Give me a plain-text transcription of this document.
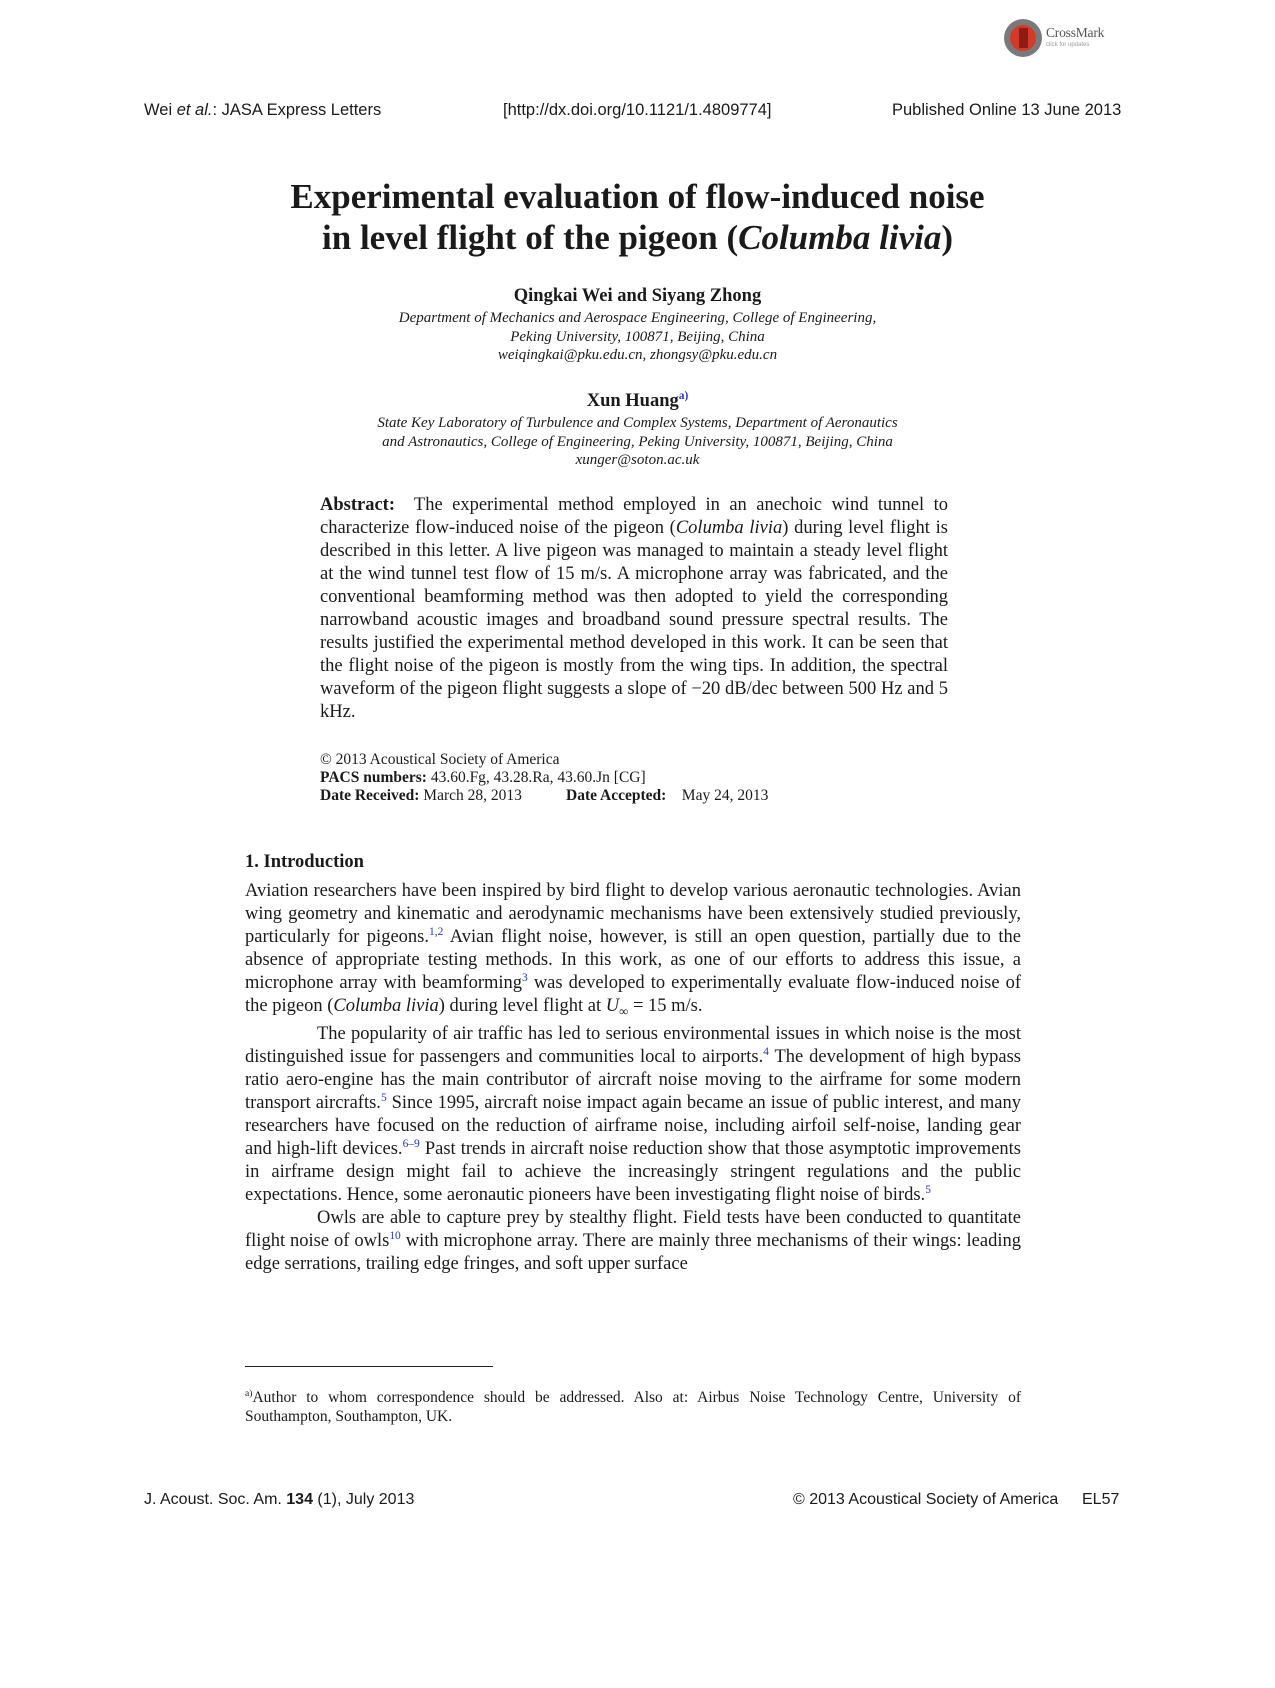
Wei et al.: JASA Express Letters	[http://dx.doi.org/10.1121/1.4809774]	Published Online 13 June 2013
CrossMark
click for updates
Experimental evaluation of flow-induced noise
in level flight of the pigeon (Columba livia)
Qingkai Wei and Siyang Zhong
Department of Mechanics and Aerospace Engineering, College of Engineering,
Peking University, 100871, Beijing, China
weiqingkai@pku.edu.cn, zhongsy@pku.edu.cn
Xun Huang$^{a)}$
State Key Laboratory of Turbulence and Complex Systems, Department of Aeronautics
and Astronautics, College of Engineering, Peking University, 100871, Beijing, China
xunger@soton.ac.uk
Abstract: The experimental method employed in an anechoic wind tunnel to characterize flow-induced noise of the pigeon (Columba livia) during level flight is described in this letter. A live pigeon was managed to maintain a steady level flight at the wind tunnel test flow of 15 m/s. A microphone array was fabricated, and the conventional beamforming method was then adopted to yield the corresponding narrowband acoustic images and broadband sound pressure spectral results. The results justified the experimental method developed in this work. It can be seen that the flight noise of the pigeon is mostly from the wing tips. In addition, the spectral waveform of the pigeon flight suggests a slope of −20 dB/dec between 500 Hz and 5 kHz.
© 2013 Acoustical Society of America
PACS numbers: 43.60.Fg, 43.28.Ra, 43.60.Jn [CG]
Date Received: March 28, 2013	Date Accepted: May 24, 2013
1. Introduction

Aviation researchers have been inspired by bird flight to develop various aeronautic technologies. Avian wing geometry and kinematic and aerodynamic mechanisms have been extensively studied previously, particularly for pigeons.$^{1,2}$ Avian flight noise, however, is still an open question, partially due to the absence of appropriate testing methods. In this work, as one of our efforts to address this issue, a microphone array with beamforming$^3$ was developed to experimentally evaluate flow-induced noise of the pigeon (Columba livia) during level flight at $U_\infty = 15$ m/s.

The popularity of air traffic has led to serious environmental issues in which noise is the most distinguished issue for passengers and communities local to airports.$^4$ The development of high bypass ratio aero-engine has the main contributor of aircraft noise moving to the airframe for some modern transport aircrafts.$^5$ Since 1995, aircraft noise impact again became an issue of public interest, and many researchers have focused on the reduction of airframe noise, including airfoil self-noise, landing gear and high-lift devices.$^{6-9}$ Past trends in aircraft noise reduction show that those asymptotic improvements in airframe design might fail to achieve the increasingly stringent regulations and the public expectations. Hence, some aeronautic pioneers have been investigating flight noise of birds.$^5$

Owls are able to capture prey by stealthy flight. Field tests have been conducted to quantitate flight noise of owls$^{10}$ with microphone array. There are mainly three mechanisms of their wings: leading edge serrations, trailing edge fringes, and soft upper surface

$^{a)}$Author to whom correspondence should be addressed. Also at: Airbus Noise Technology Centre, University of Southampton, Southampton, UK.
J. Acoust. Soc. Am. 134 (1), July 2013	© 2013 Acoustical Society of America EL57
